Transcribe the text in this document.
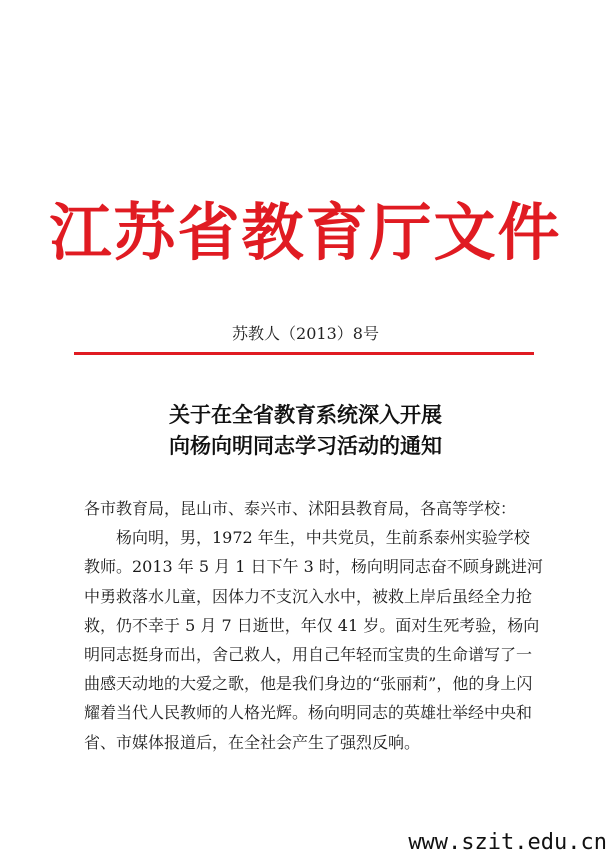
江苏省教育厅文件
苏教人（2013）8号
关于在全省教育系统深入开展
向杨向明同志学习活动的通知

各市教育局，昆山市、泰兴市、沭阳县教育局，各高等学校：

杨向明，男，1972 年生，中共党员，生前系泰州实验学校

教师。2013 年 5 月 1 日下午 3 时，杨向明同志奋不顾身跳进河

中勇救落水儿童，因体力不支沉入水中，被救上岸后虽经全力抢

救，仍不幸于 5 月 7 日逝世，年仅 41 岁。面对生死考验，杨向

明同志挺身而出，舍己救人，用自己年轻而宝贵的生命谱写了一

曲感天动地的大爱之歌，他是我们身边的“张丽莉”，他的身上闪

耀着当代人民教师的人格光辉。杨向明同志的英雄壮举经中央和

省、市媒体报道后，在全社会产生了强烈反响。

www.szit.edu.cn
